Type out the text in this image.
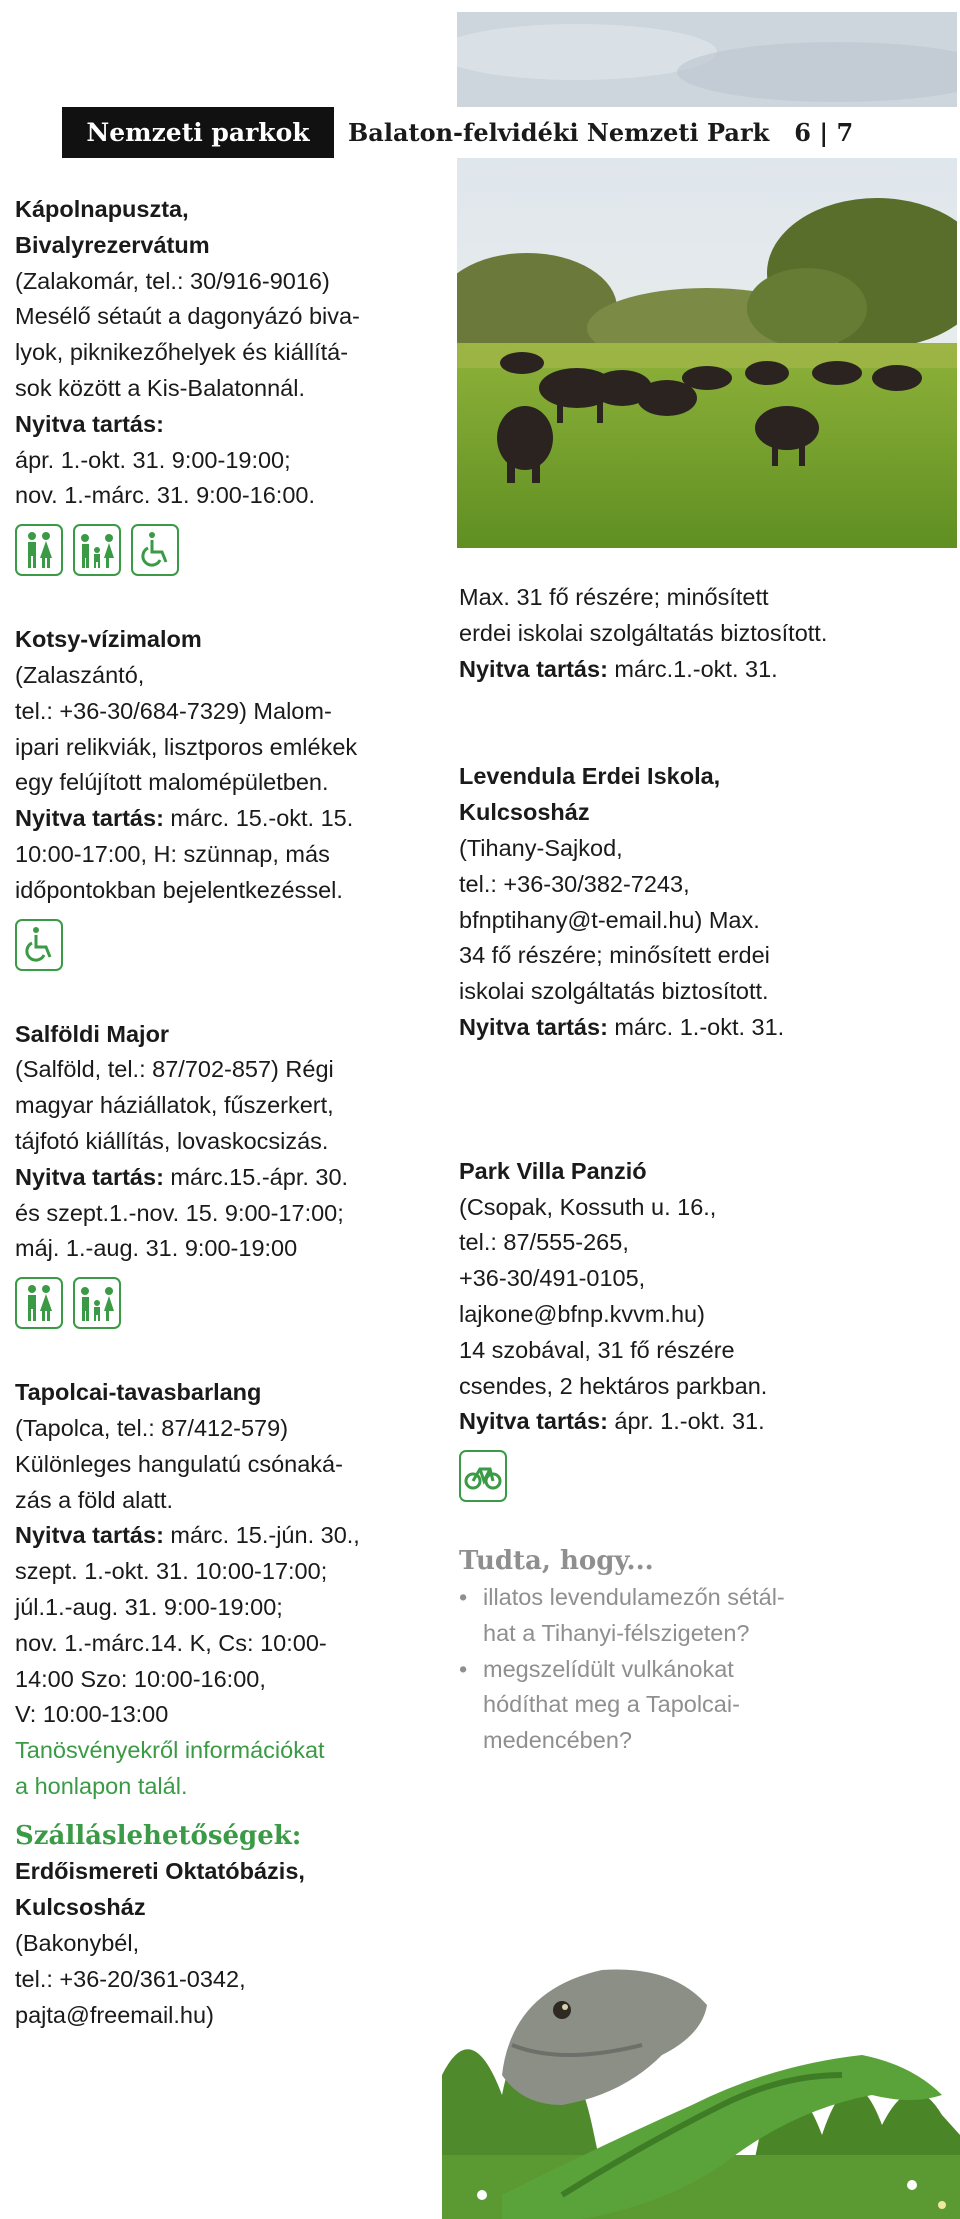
Nemzeti parkok	Balaton-felvidéki Nemzeti Park 6 | 7
Kápolnapuszta,
Bivalyrezervátum
(Zalakomár, tel.: 30/916-9016)
Mesélő sétaút a dagonyázó biva-
lyok, piknikezőhelyek és kiállítá-
sok között a Kis-Balatonnál.
Nyitva tartás:
ápr. 1.-okt. 31. 9:00-19:00;
nov. 1.-márc. 31. 9:00-16:00.
Kotsy-vízimalom
(Zalaszántó,
tel.: +36-30/684-7329) Malom-
ipari relikviák, lisztporos emlékek
egy felújított malomépületben.
Nyitva tartás: márc. 15.-okt. 15.
10:00-17:00, H: szünnap, más
időpontokban bejelentkezéssel.
Salföldi Major
(Salföld, tel.: 87/702-857) Régi
magyar háziállatok, fűszerkert,
tájfotó kiállítás, lovaskocsizás.
Nyitva tartás: márc.15.-ápr. 30.
és szept.1.-nov. 15. 9:00-17:00;
máj. 1.-aug. 31. 9:00-19:00
Tapolcai-tavasbarlang
(Tapolca, tel.: 87/412-579)
Különleges hangulatú csónaká-
zás a föld alatt.
Nyitva tartás: márc. 15.-jún. 30.,
szept. 1.-okt. 31. 10:00-17:00;
júl.1.-aug. 31. 9:00-19:00;
nov. 1.-márc.14. K, Cs: 10:00-
14:00 Szo: 10:00-16:00,
V: 10:00-13:00
Tanösvényekről információkat
a honlapon talál.
Szálláslehetőségek:
Erdőismereti Oktatóbázis,
Kulcsosház
(Bakonybél,
tel.: +36-20/361-0342,
pajta@freemail.hu)
Max. 31 fő részére; minősített
erdei iskolai szolgáltatás biztosított.
Nyitva tartás: márc.1.-okt. 31.
Levendula Erdei Iskola,
Kulcsosház
(Tihany-Sajkod,
tel.: +36-30/382-7243,
bfnptihany@t-email.hu) Max.
34 fő részére; minősített erdei
iskolai szolgáltatás biztosított.
Nyitva tartás: márc. 1.-okt. 31.
Park Villa Panzió
(Csopak, Kossuth u. 16.,
tel.: 87/555-265,
+36-30/491-0105,
lajkone@bfnp.kvvm.hu)
14 szobával, 31 fő részére
csendes, 2 hektáros parkban.
Nyitva tartás: ápr. 1.-okt. 31.
Tudta, hogy...
• illatos levendulamezőn sétál-
hat a Tihanyi-félszigeten?
• megszelídült vulkánokat
hódíthat meg a Tapolcai-
medencében?
